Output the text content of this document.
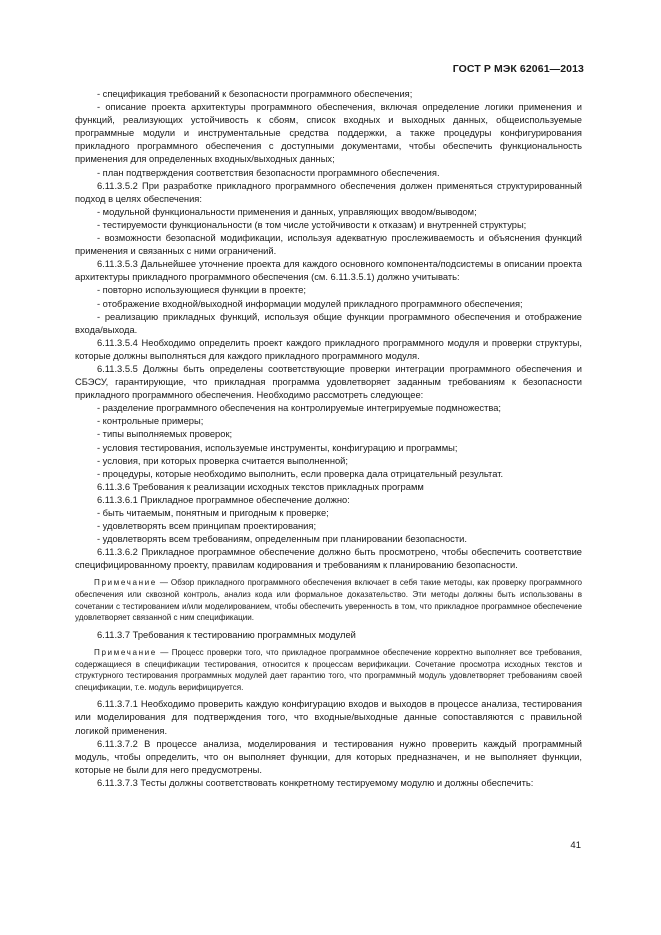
ГОСТ Р МЭК 62061—2013

- спецификация требований к безопасности программного обеспечения;

- описание проекта архитектуры программного обеспечения, включая определение логики применения и функций, реализующих устойчивость к сбоям, список входных и выходных данных, общеиспользуемые программные модули и инструментальные средства поддержки, а также процедуры конфигурирования прикладного программного обеспечения с доступными документами, чтобы обеспечить функциональность применения для определенных входных/выходных данных;

- план подтверждения соответствия безопасности программного обеспечения.

6.11.3.5.2 При разработке прикладного программного обеспечения должен применяться структурированный подход в целях обеспечения:

- модульной функциональности применения и данных, управляющих вводом/выводом;

- тестируемости функциональности (в том числе устойчивости к отказам) и внутренней структуры;

- возможности безопасной модификации, используя адекватную прослеживаемость и объяснения функций применения и связанных с ними ограничений.

6.11.3.5.3 Дальнейшее уточнение проекта для каждого основного компонента/подсистемы в описании проекта архитектуры прикладного программного обеспечения (см. 6.11.3.5.1) должно учитывать:

- повторно использующиеся функции в проекте;

- отображение входной/выходной информации модулей прикладного программного обеспечения;

- реализацию прикладных функций, используя общие функции программного обеспечения и отображение входа/выхода.

6.11.3.5.4 Необходимо определить проект каждого прикладного программного модуля и проверки структуры, которые должны выполняться для каждого прикладного программного модуля.

6.11.3.5.5 Должны быть определены соответствующие проверки интеграции программного обеспечения и СБЭСУ, гарантирующие, что прикладная программа удовлетворяет заданным требованиям к безопасности прикладного программного обеспечения. Необходимо рассмотреть следующее:

- разделение программного обеспечения на контролируемые интегрируемые подмножества;

- контрольные примеры;

- типы выполняемых проверок;

- условия тестирования, используемые инструменты, конфигурацию и программы;

- условия, при которых проверка считается выполненной;

- процедуры, которые необходимо выполнить, если проверка дала отрицательный результат.

6.11.3.6 Требования к реализации исходных текстов прикладных программ

6.11.3.6.1 Прикладное программное обеспечение должно:

- быть читаемым, понятным и пригодным к проверке;

- удовлетворять всем принципам проектирования;

- удовлетворять всем требованиям, определенным при планировании безопасности.

6.11.3.6.2 Прикладное программное обеспечение должно быть просмотрено, чтобы обеспечить соответствие специфицированному проекту, правилам кодирования и требованиям к планированию безопасности.

Примечание — Обзор прикладного программного обеспечения включает в себя такие методы, как проверку программного обеспечения или сквозной контроль, анализ кода или формальное доказательство. Эти методы должны быть использованы в сочетании с тестированием и/или моделированием, чтобы обеспечить уверенность в том, что прикладное программное обеспечение удовлетворяет связанной с ним спецификации.

6.11.3.7 Требования к тестированию программных модулей

Примечание — Процесс проверки того, что прикладное программное обеспечение корректно выполняет все требования, содержащиеся в спецификации тестирования, относится к процессам верификации. Сочетание просмотра исходных текстов и структурного тестирования программных модулей дает гарантию того, что программный модуль удовлетворяет требованиям своей спецификации, т.е. модуль верифицируется.

6.11.3.7.1 Необходимо проверить каждую конфигурацию входов и выходов в процессе анализа, тестирования или моделирования для подтверждения того, что входные/выходные данные сопоставляются с правильной логикой применения.

6.11.3.7.2 В процессе анализа, моделирования и тестирования нужно проверить каждый программный модуль, чтобы определить, что он выполняет функции, для которых предназначен, и не выполняет функции, которые не были для него предусмотрены.

6.11.3.7.3 Тесты должны соответствовать конкретному тестируемому модулю и должны обеспечить:

41
